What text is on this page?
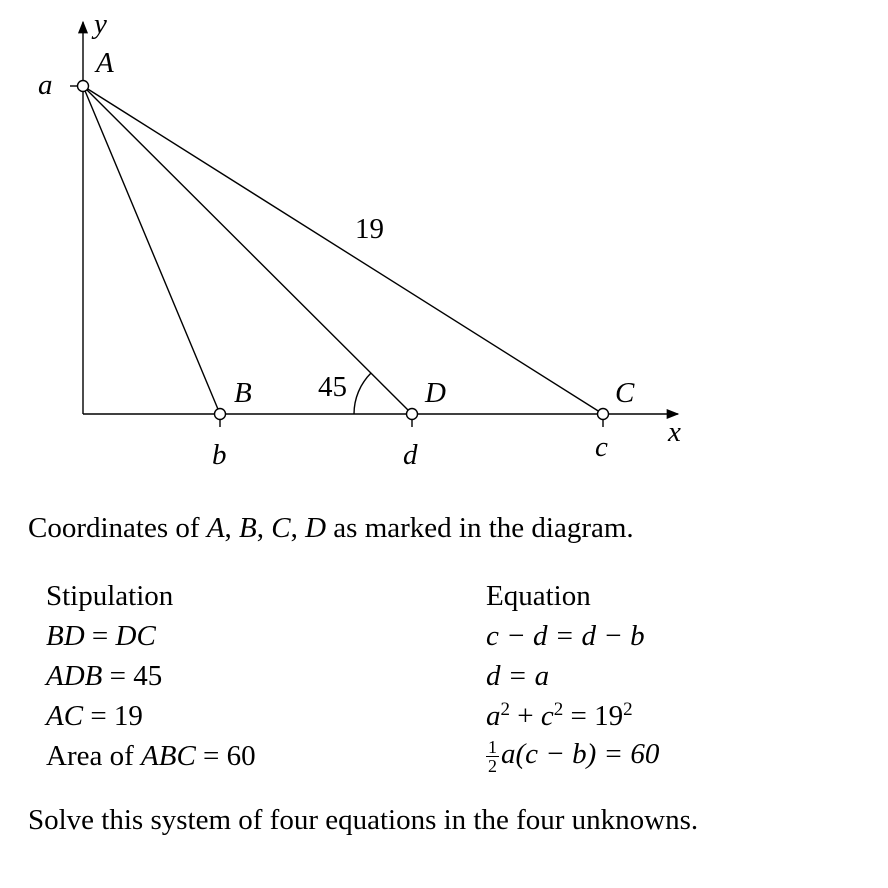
y
x
45
19
A
B	D	C
a
b	d	c
Coordinates of A, B, C, D as marked in the diagram.
Stipulation	Equation
BD = DC	c − d = d − b
ADB = 45	d = a
AC = 19	$a^2 + c^2 = 19^2$
Area of ABC = 60	$\frac{1}{2} a(c - b) = 60$
Solve this system of four equations in the four unknowns.
